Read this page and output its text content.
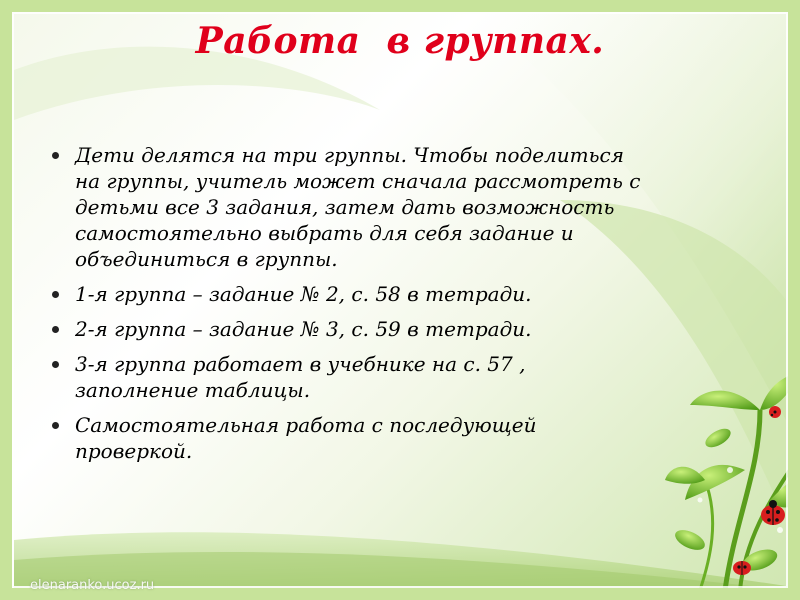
Работа  в группах.
Дети делятся на три группы. Чтобы поделиться
на группы, учитель может сначала рассмотреть с
детьми все 3 задания, затем дать возможность
самостоятельно выбрать для себя задание и
объединиться в группы.
1-я группа – задание № 2, с. 58 в тетради.
2-я группа – задание № 3, с. 59 в тетради.
3-я группа работает в учебнике на с. 57 ,
заполнение таблицы.
Самостоятельная работа с последующей
проверкой.
elenaranko.ucoz.ru
